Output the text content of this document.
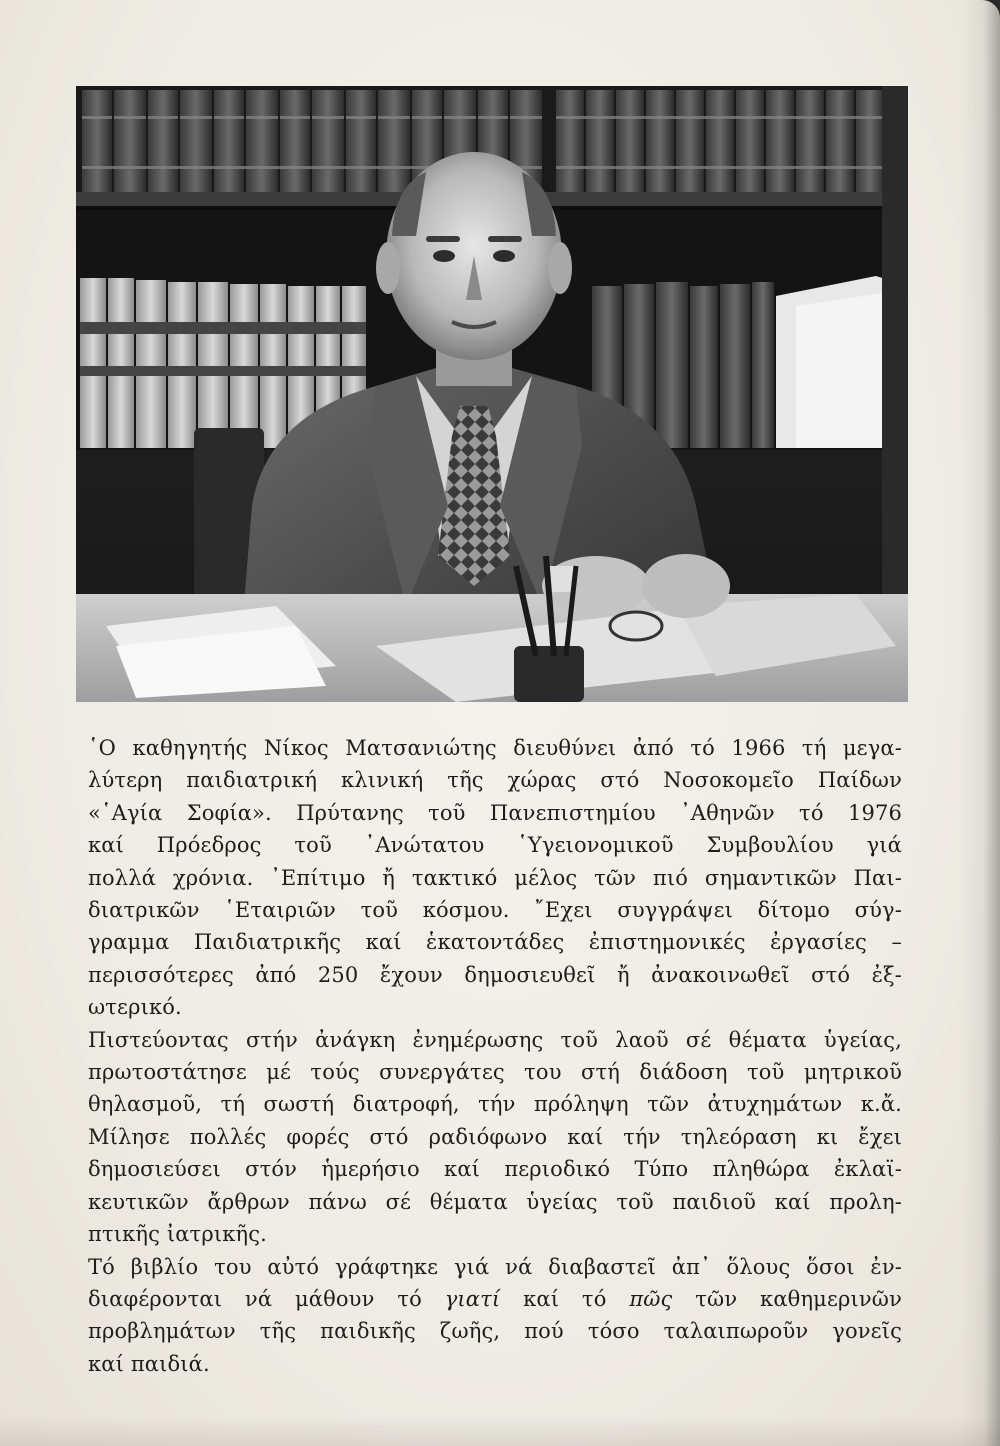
῾Ο καθηγητής Νίκος Ματσανιώτης διευθύνει ἀπό τό 1966 τή μεγα-
λύτερη παιδιατρική κλινική τῆς χώρας στό Νοσοκομεῖο Παίδων
«῾Αγία Σοφία». Πρύτανης τοῦ Πανεπιστημίου ᾿Αθηνῶν τό 1976
καί Πρόεδρος τοῦ ᾿Ανώτατου ῾Υγειονομικοῦ Συμβουλίου γιά
πολλά χρόνια. ᾿Επίτιμο ἤ τακτικό μέλος τῶν πιό σημαντικῶν Παι-
διατρικῶν ῾Εταιριῶν τοῦ κόσμου. ῎Εχει συγγράψει δίτομο σύγ-
γραμμα Παιδιατρικῆς καί ἑκατοντάδες ἐπιστημονικές ἐργασίες –
περισσότερες ἀπό 250 ἔχουν δημοσιευθεῖ ἤ ἀνακοινωθεῖ στό ἐξ-
ωτερικό.

Πιστεύοντας στήν ἀνάγκη ἐνημέρωσης τοῦ λαοῦ σέ θέματα ὑγείας,
πρωτοστάτησε μέ τούς συνεργάτες του στή διάδοση τοῦ μητρικοῦ
θηλασμοῦ, τή σωστή διατροφή, τήν πρόληψη τῶν ἀτυχημάτων κ.ἄ.
Μίλησε πολλές φορές στό ραδιόφωνο καί τήν τηλεόραση κι ἔχει
δημοσιεύσει στόν ἡμερήσιο καί περιοδικό Τύπο πληθώρα ἐκλαϊ-
κευτικῶν ἄρθρων πάνω σέ θέματα ὑγείας τοῦ παιδιοῦ καί προλη-
πτικῆς ἰατρικῆς.

Τό βιβλίο του αὐτό γράφτηκε γιά νά διαβαστεῖ ἀπ᾿ ὅλους ὅσοι ἐν-
διαφέρονται νά μάθουν τό γιατί καί τό πῶς τῶν καθημερινῶν
προβλημάτων τῆς παιδικῆς ζωῆς, πού τόσο ταλαιπωροῦν γονεῖς
καί παιδιά.
